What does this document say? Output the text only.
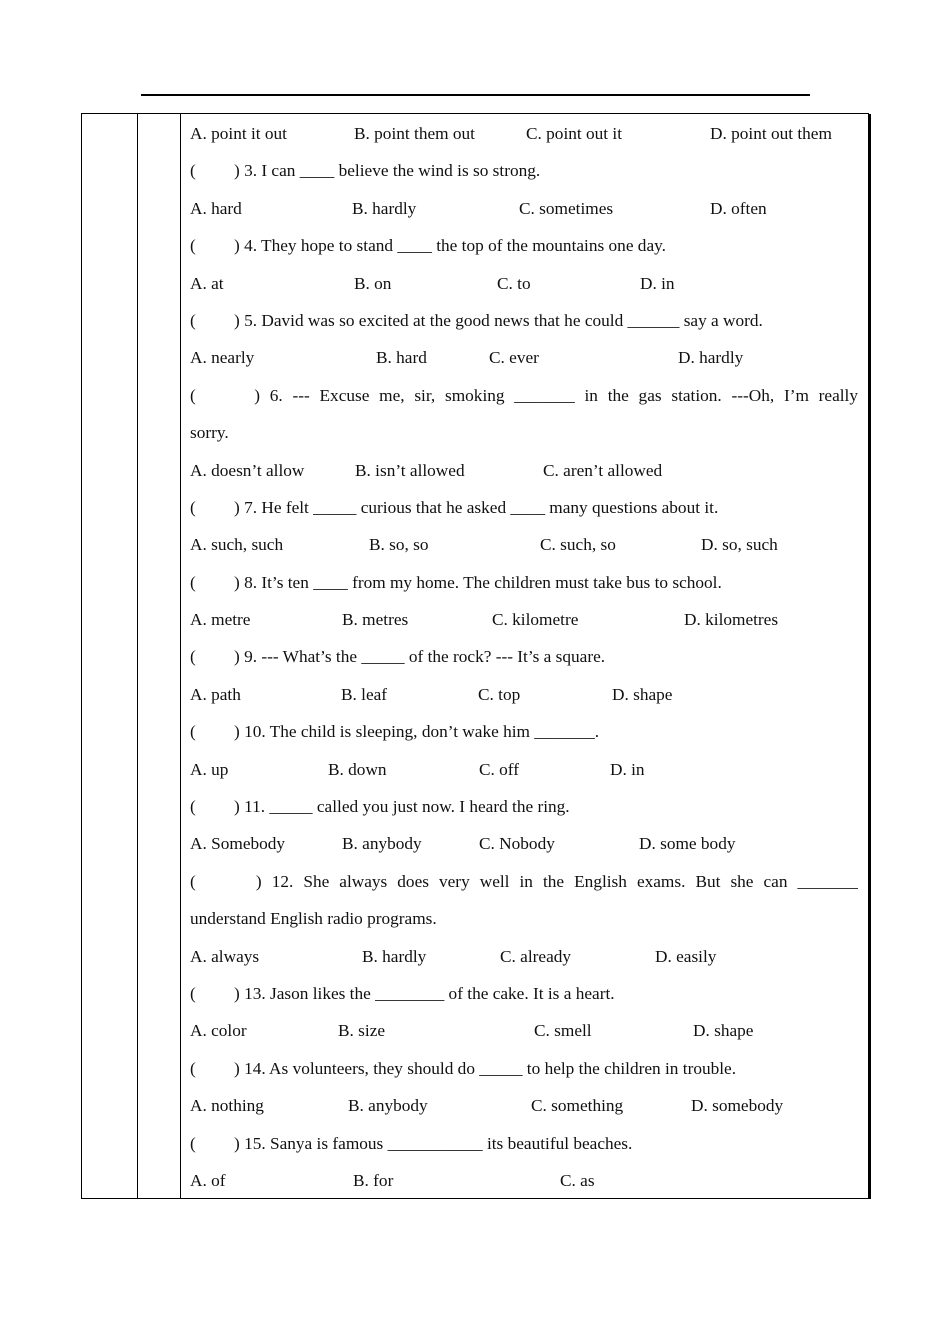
A. point it out	B. point them out	C. point out it	D. point out them
( ) 3. I can ____ believe the wind is so strong.
A. hard	B. hardly	C. sometimes	D. often
( ) 4. They hope to stand ____ the top of the mountains one day.
A. at	B. on	C. to	D. in
( ) 5. David was so excited at the good news that he could ______ say a word.
A. nearly	B. hard	C. ever	D. hardly
(      ) 6. --- Excuse me, sir, smoking _______ in the gas station. ---Oh, I’m really
sorry.
A. doesn’t allow	B. isn’t allowed	C. aren’t allowed
( ) 7. He felt _____ curious that he asked ____ many questions about it.
A. such, such	B. so, so	C. such, so	D. so, such
( ) 8. It’s ten ____ from my home. The children must take bus to school.
A. metre	B. metres	C. kilometre	D. kilometres
( ) 9. --- What’s the _____ of the rock? --- It’s a square.
A. path	B. leaf	C. top	D. shape
( ) 10. The child is sleeping, don’t wake him _______.
A. up	B. down	C. off	D. in
( ) 11. _____ called you just now. I heard the ring.
A. Somebody	B. anybody	C. Nobody	D. some body
(      ) 12. She always does very well in the English exams. But she can _______
understand English radio programs.
A. always	B. hardly	C. already	D. easily
( ) 13. Jason likes the ________ of the cake. It is a heart.
A. color	B. size	C. smell	D. shape
( ) 14. As volunteers, they should do _____ to help the children in trouble.
A. nothing	B. anybody	C. something	D. somebody
( ) 15. Sanya is famous ___________ its beautiful beaches.
A. of	B. for	C. as
